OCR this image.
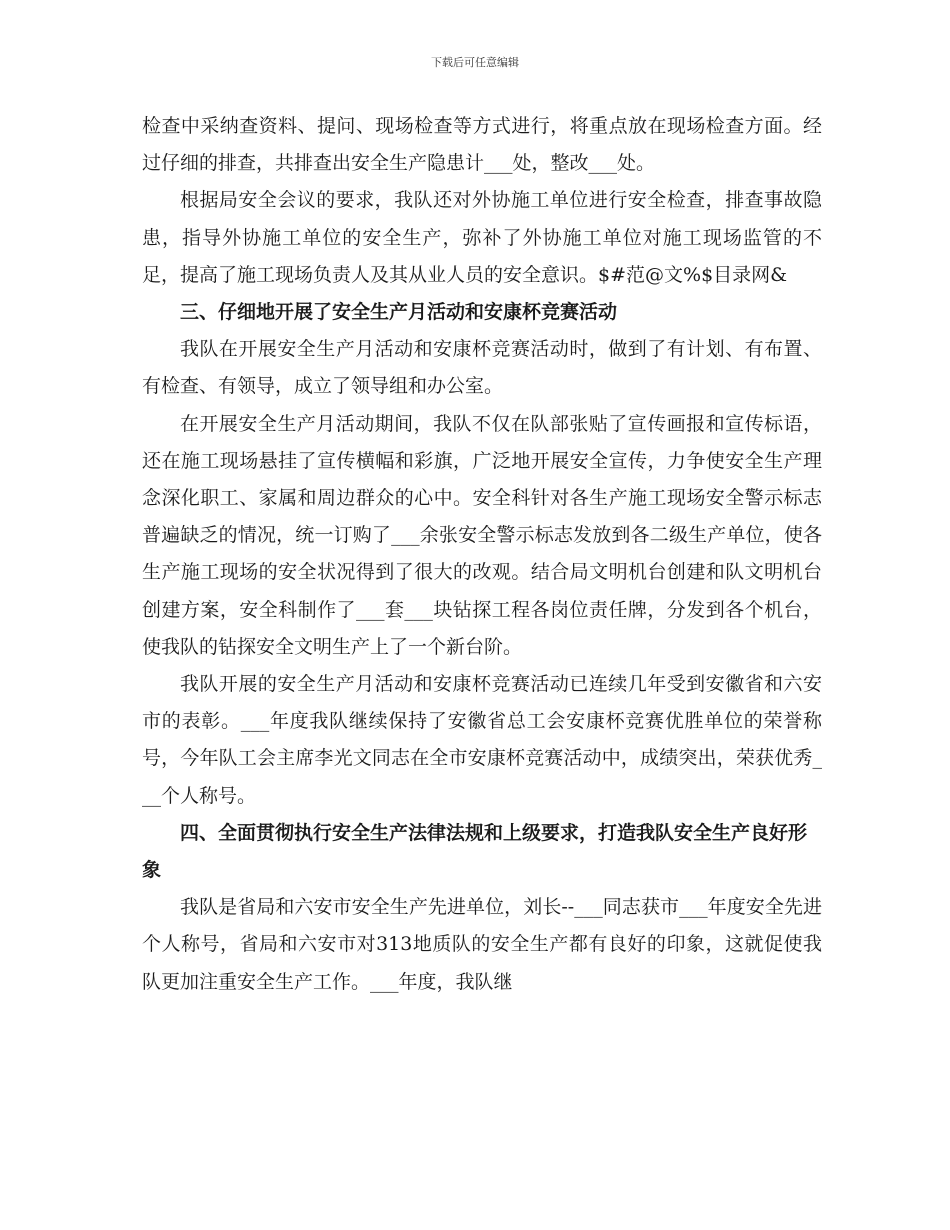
下载后可任意编辑

检查中采纳查资料、提问、现场检查等方式进行，将重点放在现场检查方面。经过仔细的排查，共排查出安全生产隐患计___处，整改___处。

根据局安全会议的要求，我队还对外协施工单位进行安全检查，排查事故隐患，指导外协施工单位的安全生产，弥补了外协施工单位对施工现场监管的不足，提高了施工现场负责人及其从业人员的安全意识。$#范@文%$目录网&

三、仔细地开展了安全生产月活动和安康杯竞赛活动

我队在开展安全生产月活动和安康杯竞赛活动时，做到了有计划、有布置、有检查、有领导，成立了领导组和办公室。

在开展安全生产月活动期间，我队不仅在队部张贴了宣传画报和宣传标语，还在施工现场悬挂了宣传横幅和彩旗，广泛地开展安全宣传，力争使安全生产理念深化职工、家属和周边群众的心中。安全科针对各生产施工现场安全警示标志普遍缺乏的情况，统一订购了___余张安全警示标志发放到各二级生产单位，使各生产施工现场的安全状况得到了很大的改观。结合局文明机台创建和队文明机台创建方案，安全科制作了___套___块钻探工程各岗位责任牌，分发到各个机台，使我队的钻探安全文明生产上了一个新台阶。

我队开展的安全生产月活动和安康杯竞赛活动已连续几年受到安徽省和六安市的表彰。___年度我队继续保持了安徽省总工会安康杯竞赛优胜单位的荣誉称号，今年队工会主席李光文同志在全市安康杯竞赛活动中，成绩突出，荣获优秀___个人称号。

四、全面贯彻执行安全生产法律法规和上级要求，打造我队安全生产良好形象

我队是省局和六安市安全生产先进单位，刘长--___同志获市___年度安全先进个人称号，省局和六安市对313地质队的安全生产都有良好的印象，这就促使我队更加注重安全生产工作。___年度，我队继
